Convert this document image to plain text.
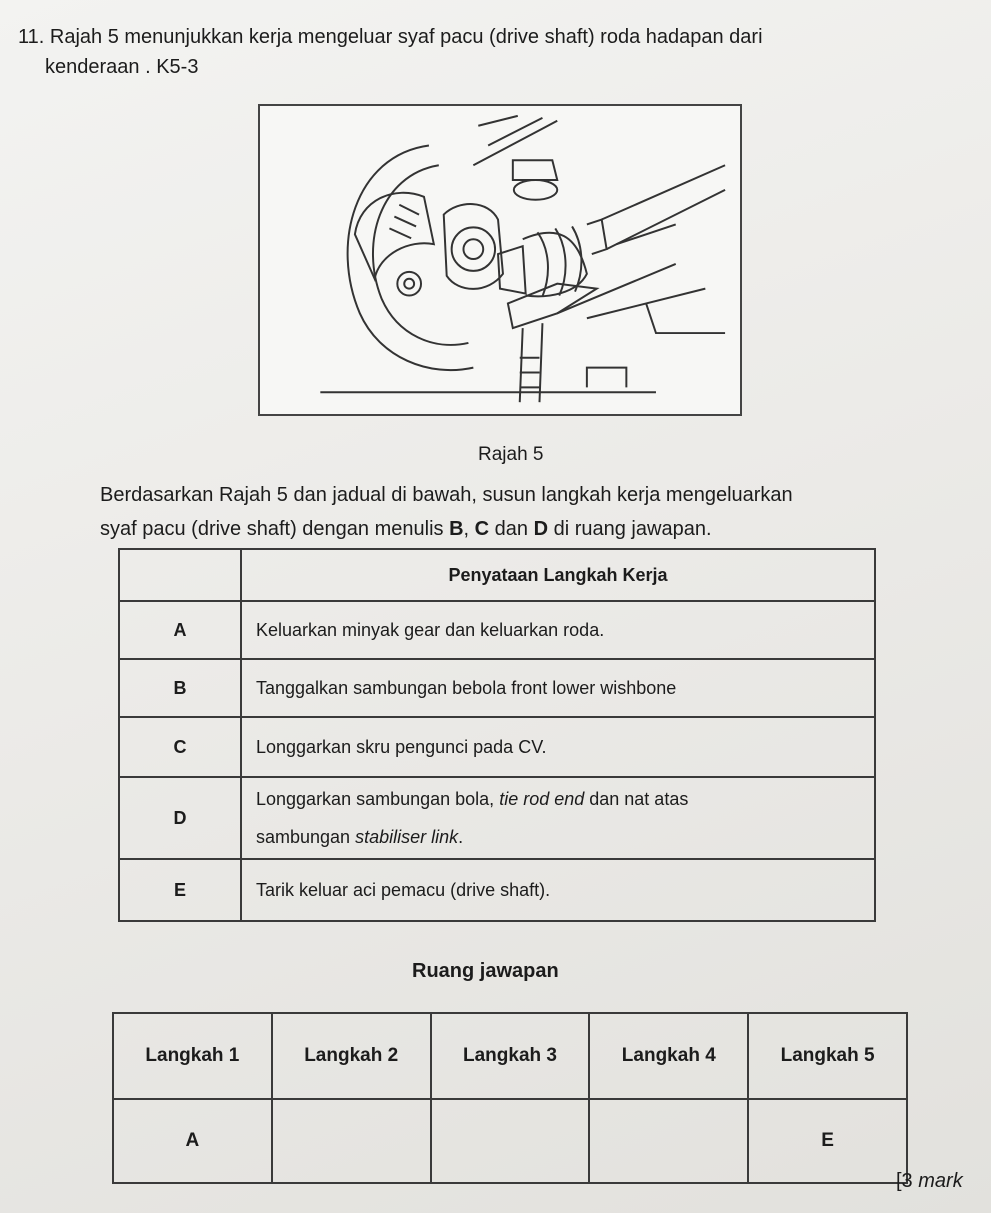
11. Rajah 5 menunjukkan kerja mengeluar syaf pacu (drive shaft) roda hadapan dari
kenderaan . K5-3
Rajah 5
Berdasarkan Rajah 5 dan jadual di bawah, susun langkah kerja mengeluarkan
syaf pacu (drive shaft) dengan menulis B, C dan D di ruang jawapan.
	Penyataan Langkah Kerja
A	Keluarkan minyak gear dan keluarkan roda.
B	Tanggalkan sambungan bebola front lower wishbone
C	Longgarkan skru pengunci pada CV.
D	Longgarkan sambungan bola, tie rod end dan nat atas
sambungan stabiliser link.
E	Tarik keluar aci pemacu (drive shaft).
Ruang jawapan
Langkah 1	Langkah 2	Langkah 3	Langkah 4	Langkah 5
A				E
[3 mark
